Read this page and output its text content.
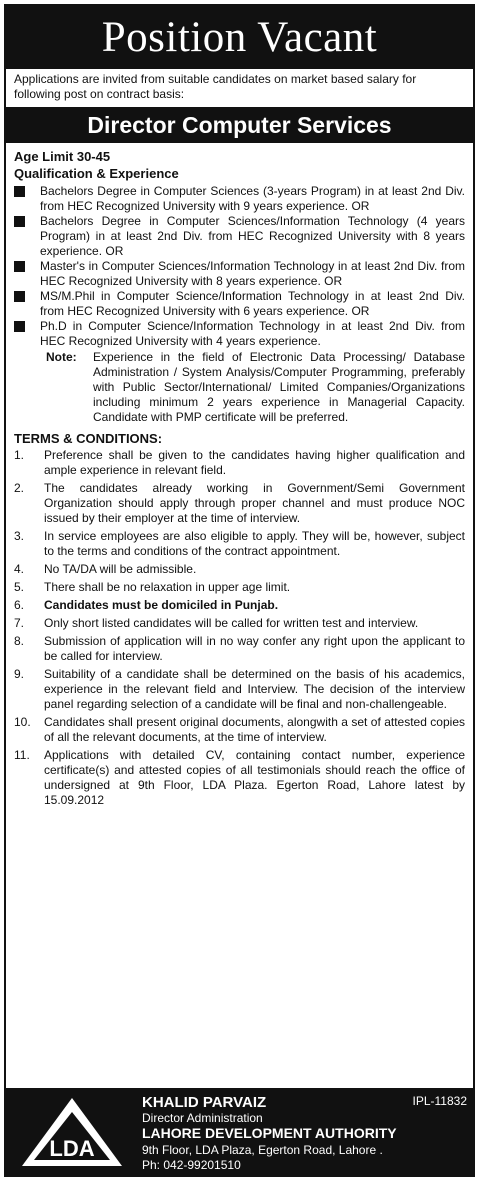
Position Vacant
Applications are invited from suitable candidates on market based salary for following post on contract basis:
Director Computer Services
Age Limit 30-45
Qualification & Experience
Bachelors Degree in Computer Sciences (3-years Program) in at least 2nd Div. from HEC Recognized University with 9 years experience. OR
Bachelors Degree in Computer Sciences/Information Technology (4 years Program) in at least 2nd Div. from HEC Recognized University with 8 years experience. OR
Master's in Computer Sciences/Information Technology in at least 2nd Div. from HEC Recognized University with 8 years experience. OR
MS/M.Phil in Computer Science/Information Technology in at least 2nd Div. from HEC Recognized University with 6 years experience. OR
Ph.D in Computer Science/Information Technology in at least 2nd Div. from HEC Recognized University with 4 years experience.
Note: Experience in the field of Electronic Data Processing/ Database Administration / System Analysis/Computer Programming, preferably with Public Sector/International/ Limited Companies/Organizations including minimum 2 years experience in Managerial Capacity. Candidate with PMP certificate will be preferred.
TERMS & CONDITIONS:
1. Preference shall be given to the candidates having higher qualification and ample experience in relevant field.
2. The candidates already working in Government/Semi Government Organization should apply through proper channel and must produce NOC issued by their employer at the time of interview.
3. In service employees are also eligible to apply. They will be, however, subject to the terms and conditions of the contract appointment.
4. No TA/DA will be admissible.
5. There shall be no relaxation in upper age limit.
6. Candidates must be domiciled in Punjab.
7. Only short listed candidates will be called for written test and interview.
8. Submission of application will in no way confer any right upon the applicant to be called for interview.
9. Suitability of a candidate shall be determined on the basis of his academics, experience in the relevant field and Interview. The decision of the interview panel regarding selection of a candidate will be final and non-challengeable.
10. Candidates shall present original documents, alongwith a set of attested copies of all the relevant documents, at the time of interview.
11. Applications with detailed CV, containing contact number, experience certificate(s) and attested copies of all testimonials should reach the office of undersigned at 9th Floor, LDA Plaza. Egerton Road, Lahore latest by 15.09.2012
LDA
KHALID PARVAIZ
Director Administration
LAHORE DEVELOPMENT AUTHORITY
9th Floor, LDA Plaza, Egerton Road, Lahore .
Ph: 042-99201510
IPL-11832
